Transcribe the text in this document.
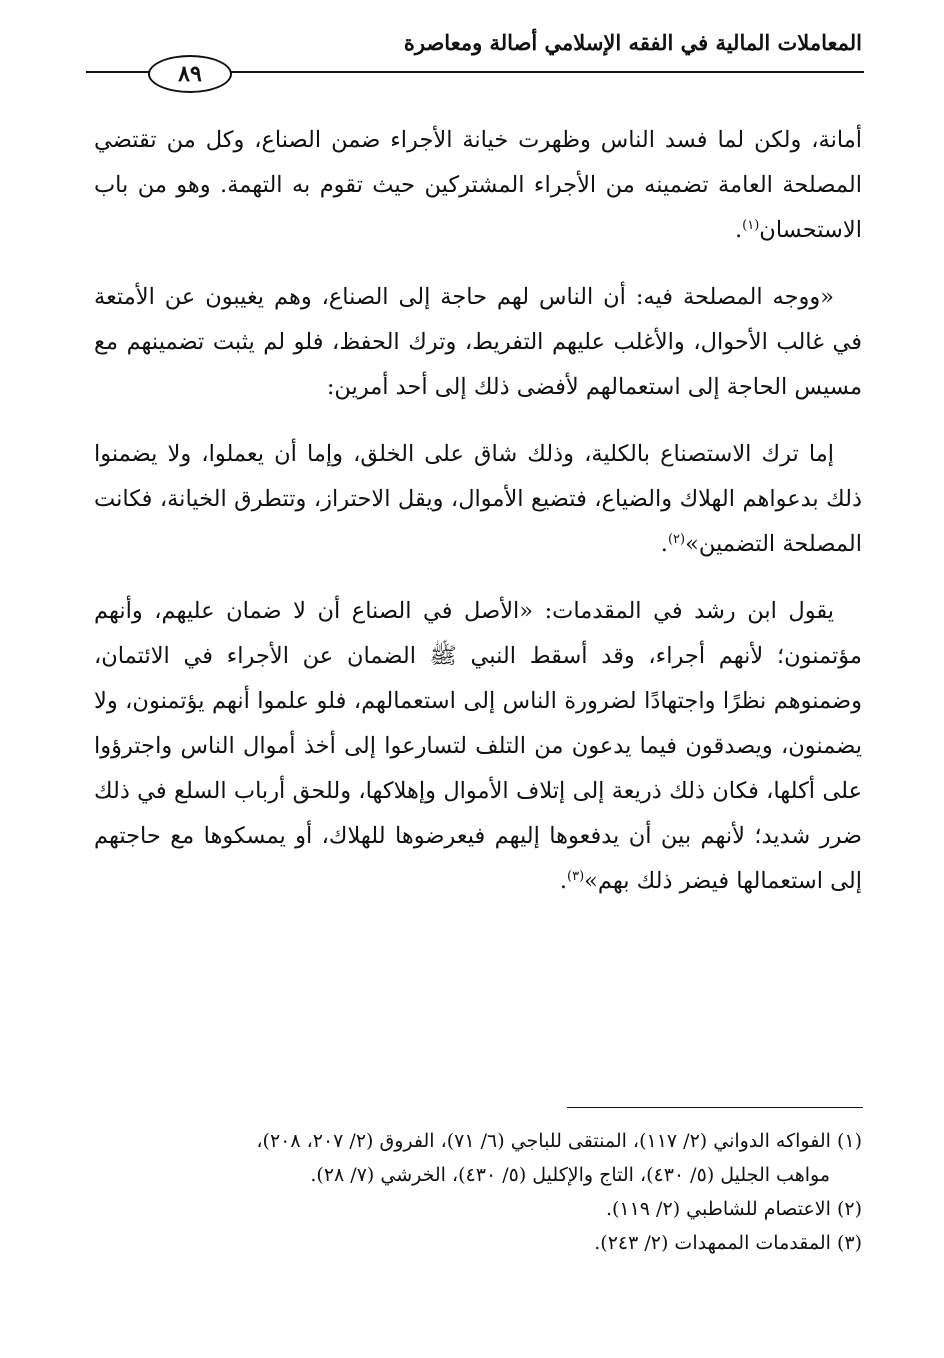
المعاملات المالية في الفقه الإسلامي أصالة ومعاصرة
٨٩

أمانة، ولكن لما فسد الناس وظهرت خيانة الأجراء ضمن الصناع، وكل من تقتضي المصلحة العامة تضمينه من الأجراء المشتركين حيث تقوم به التهمة. وهو من باب الاستحسان$^{(١)}$.

«ووجه المصلحة فيه: أن الناس لهم حاجة إلى الصناع، وهم يغيبون عن الأمتعة في غالب الأحوال، والأغلب عليهم التفريط، وترك الحفظ، فلو لم يثبت تضمينهم مع مسيس الحاجة إلى استعمالهم لأفضى ذلك إلى أحد أمرين:

إما ترك الاستصناع بالكلية، وذلك شاق على الخلق، وإما أن يعملوا، ولا يضمنوا ذلك بدعواهم الهلاك والضياع، فتضيع الأموال، ويقل الاحتراز، وتتطرق الخيانة، فكانت المصلحة التضمين»$^{(٢)}$.

يقول ابن رشد في المقدمات: «الأصل في الصناع أن لا ضمان عليهم، وأنهم مؤتمنون؛ لأنهم أجراء، وقد أسقط النبي ﷺ الضمان عن الأجراء في الائتمان، وضمنوهم نظرًا واجتهادًا لضرورة الناس إلى استعمالهم، فلو علموا أنهم يؤتمنون، ولا يضمنون، ويصدقون فيما يدعون من التلف لتسارعوا إلى أخذ أموال الناس واجترؤوا على أكلها، فكان ذلك ذريعة إلى إتلاف الأموال وإهلاكها، وللحق أرباب السلع في ذلك ضرر شديد؛ لأنهم بين أن يدفعوها إليهم فيعرضوها للهلاك، أو يمسكوها مع حاجتهم إلى استعمالها فيضر ذلك بهم»$^{(٣)}$.

(١) الفواكه الدواني (٢/ ١١٧)، المنتقى للباجي (٦/ ٧١)، الفروق (٢/ ٢٠٧، ٢٠٨)،

مواهب الجليل (٥/ ٤٣٠)، التاج والإكليل (٥/ ٤٣٠)، الخرشي (٧/ ٢٨).

(٢) الاعتصام للشاطبي (٢/ ١١٩).

(٣) المقدمات الممهدات (٢/ ٢٤٣).
